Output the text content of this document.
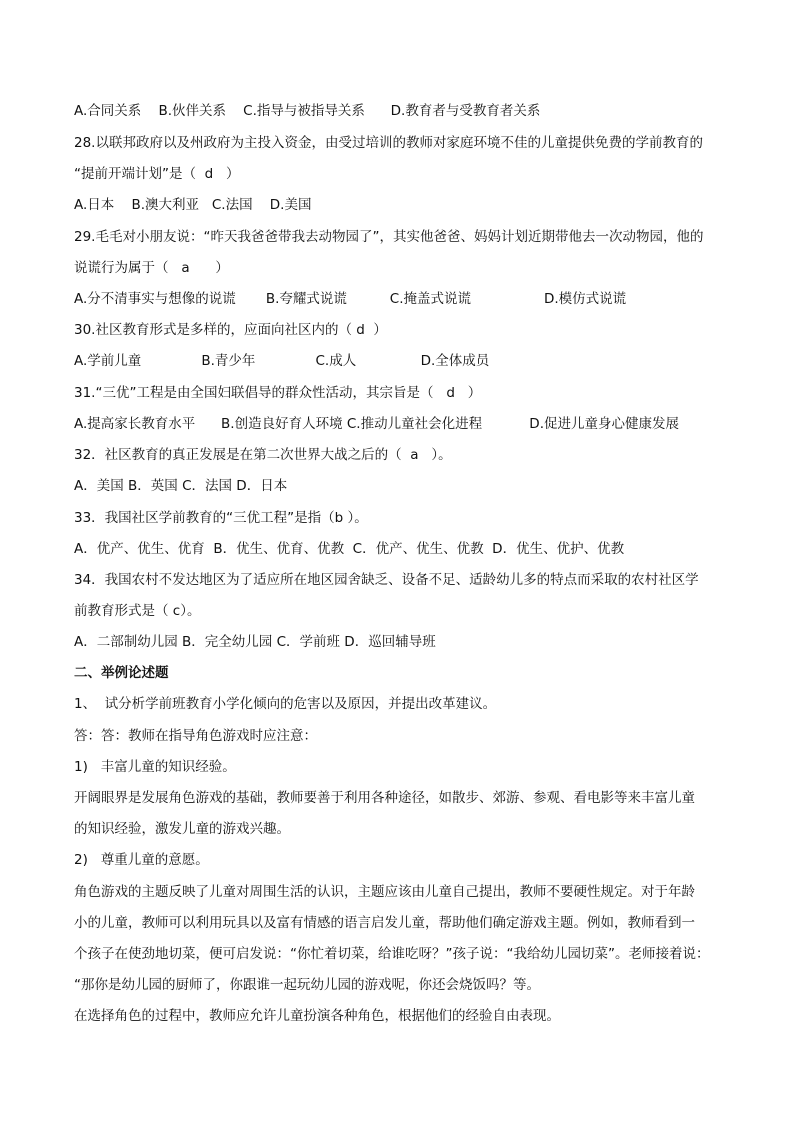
A.合同关系    B.伙伴关系    C.指导与被指导关系      D.教育者与受教育者关系
28.以联邦政府以及州政府为主投入资金，由受过培训的教师对家庭环境不佳的儿童提供免费的学前教育的
“提前开端计划”是（  d   ）
A.日本    B.澳大利亚   C.法国    D.美国
29.毛毛对小朋友说：“昨天我爸爸带我去动物园了”，其实他爸爸、妈妈计划近期带他去一次动物园，他的
说谎行为属于（   a      ）
A.分不清事实与想像的说谎       B.夸耀式说谎          C.掩盖式说谎                 D.模仿式说谎
30.社区教育形式是多样的，应面向社区内的（ d  ）
A.学前儿童              B.青少年              C.成人               D.全体成员
31.“三优”工程是由全国妇联倡导的群众性活动，其宗旨是（   d   ）
A.提高家长教育水平      B.创造良好育人环境 C.推动儿童社会化进程           D.促进儿童身心健康发展
32．社区教育的真正发展是在第二次世界大战之后的（  a   ）。
A．美国 B．英国 C．法国 D．日本
33．我国社区学前教育的“三优工程”是指（b ）。
A．优产、优生、优育  B．优生、优育、优教  C．优产、优生、优教  D．优生、优护、优教
34．我国农村不发达地区为了适应所在地区园舍缺乏、设备不足、适龄幼儿多的特点而采取的农村社区学
前教育形式是（ c）。
A．二部制幼儿园 B．完全幼儿园 C．学前班 D．巡回辅导班
二、举例论述题
1、  试分析学前班教育小学化倾向的危害以及原因，并提出改革建议。
答：答：教师在指导角色游戏时应注意：
1)   丰富儿童的知识经验。
开阔眼界是发展角色游戏的基础，教师要善于利用各种途径，如散步、郊游、参观、看电影等来丰富儿童
的知识经验，激发儿童的游戏兴趣。
2)   尊重儿童的意愿。
角色游戏的主题反映了儿童对周围生活的认识，主题应该由儿童自己提出，教师不要硬性规定。对于年龄
小的儿童，教师可以利用玩具以及富有情感的语言启发儿童，帮助他们确定游戏主题。例如，教师看到一
个孩子在使劲地切菜，便可启发说：“你忙着切菜，给谁吃呀？”孩子说：“我给幼儿园切菜”。老师接着说：
“那你是幼儿园的厨师了，你跟谁一起玩幼儿园的游戏呢，你还会烧饭吗？等。
在选择角色的过程中，教师应允许儿童扮演各种角色，根据他们的经验自由表现。
